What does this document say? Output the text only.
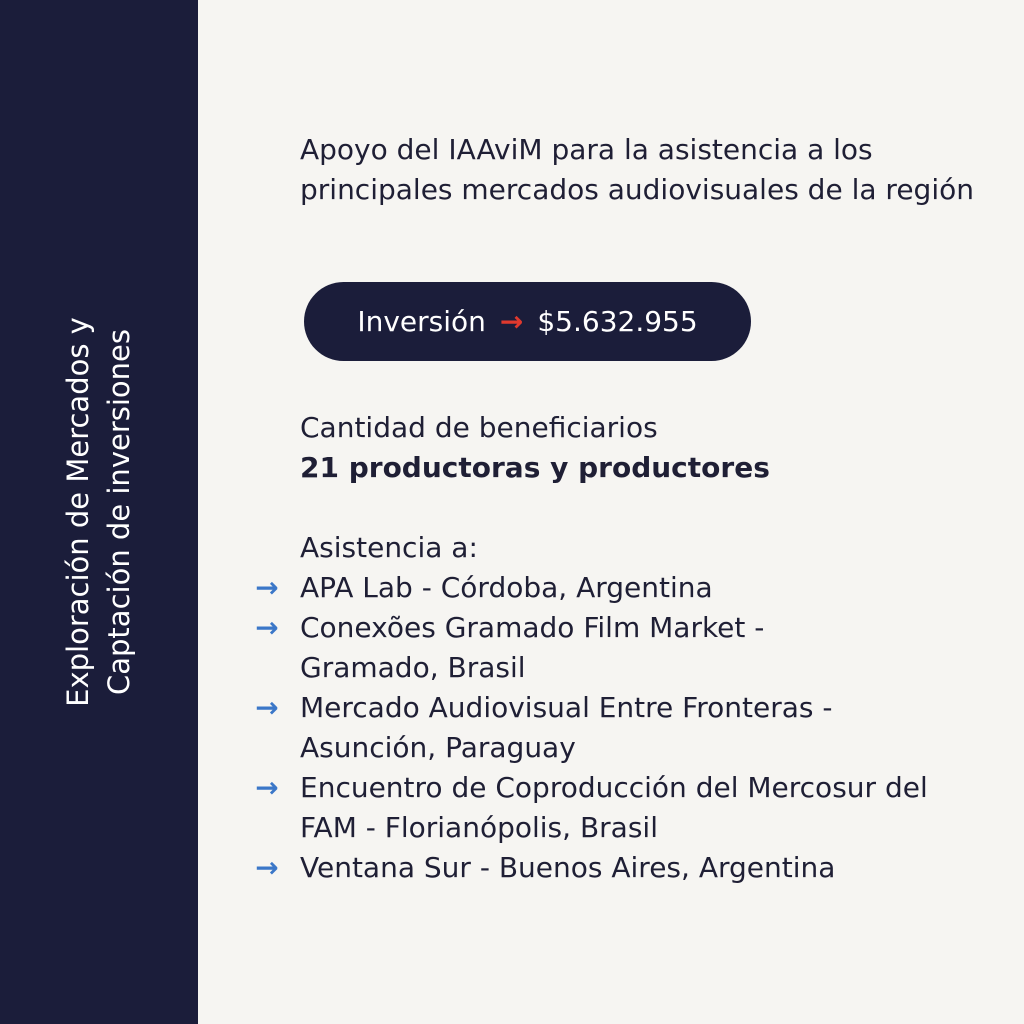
Exploración de Mercados y Captación de inversiones

Apoyo del IAAviM para la asistencia a los principales mercados audiovisuales de la región

Inversión → $5.632.955
Cantidad de beneficiarios
21 productoras y productores
Asistencia a:
→ APA Lab - Córdoba, Argentina
→ Conexões Gramado Film Market - Gramado, Brasil
→ Mercado Audiovisual Entre Fronteras - Asunción, Paraguay
→ Encuentro de Coproducción del Mercosur del FAM - Florianópolis, Brasil
→ Ventana Sur - Buenos Aires, Argentina
